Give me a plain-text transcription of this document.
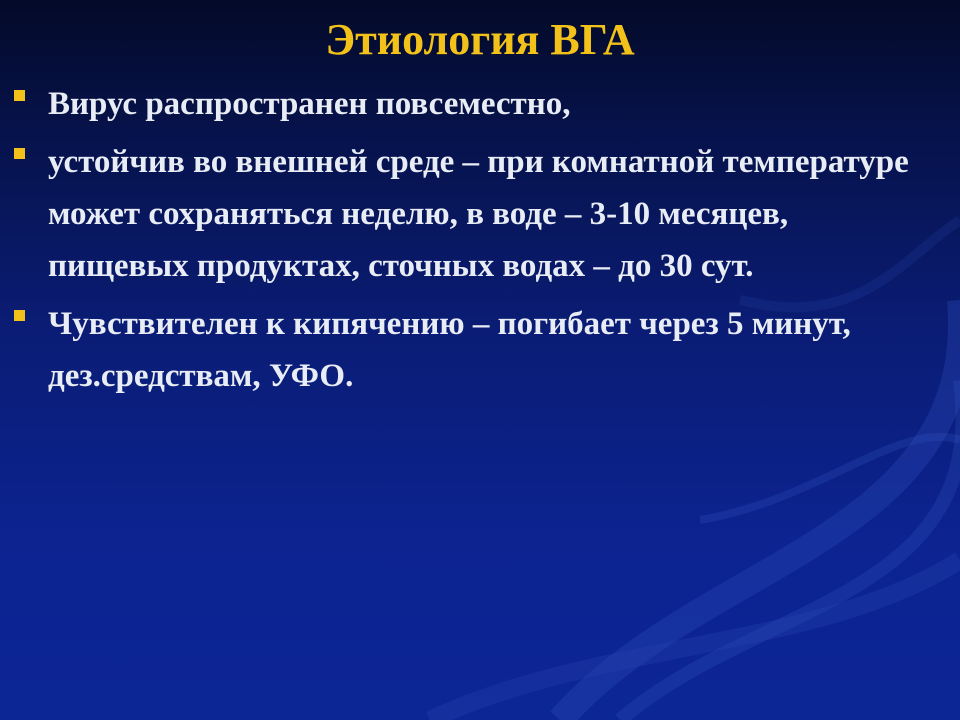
Этиология ВГА
Вирус распространен повсеместно,
устойчив во внешней среде – при комнатной температуре может сохраняться неделю, в воде – 3-10 месяцев, пищевых продуктах, сточных водах – до 30 сут.
Чувствителен к кипячению – погибает через 5 минут, дез.средствам, УФО.
